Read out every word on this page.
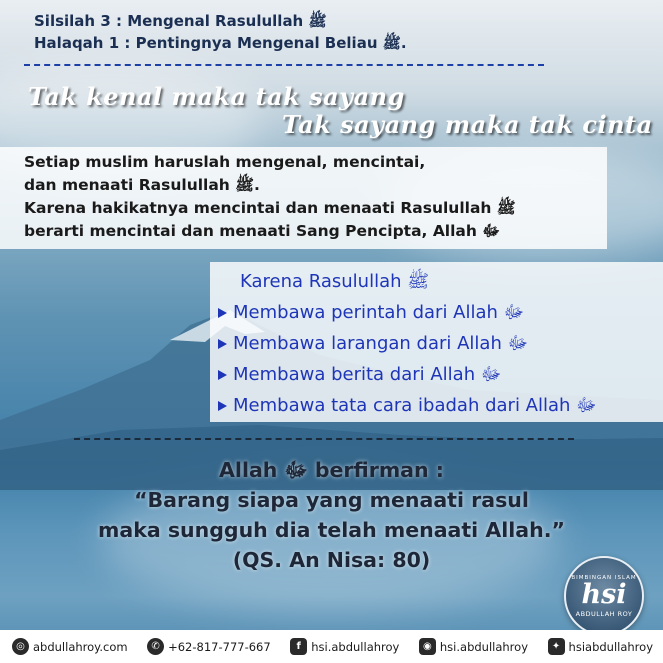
Silsilah 3 : Mengenal Rasulullah ﷺ
Halaqah 1 : Pentingnya Mengenal Beliau ﷺ.
Tak kenal maka tak sayang
Tak sayang maka tak cinta
Setiap muslim haruslah mengenal, mencintai,
dan menaati Rasulullah ﷺ.
Karena hakikatnya mencintai dan menaati Rasulullah ﷺ
berarti mencintai dan menaati Sang Pencipta, Allah ﷻ
Karena Rasulullah ﷺ
Membawa perintah dari Allah ﷻ
Membawa larangan dari Allah ﷻ
Membawa berita dari Allah ﷻ
Membawa tata cara ibadah dari Allah ﷻ
Allah ﷻ berfirman :
“Barang siapa yang menaati rasul
maka sungguh dia telah menaati Allah.”
(QS. An Nisa: 80)
BIMBINGAN ISLAM
hsi
ABDULLAH ROY
◎ abdullahroy.com	✆ +62-817-777-667	f hsi.abdullahroy	◉ hsi.abdullahroy	✦ hsiabdullahroy
